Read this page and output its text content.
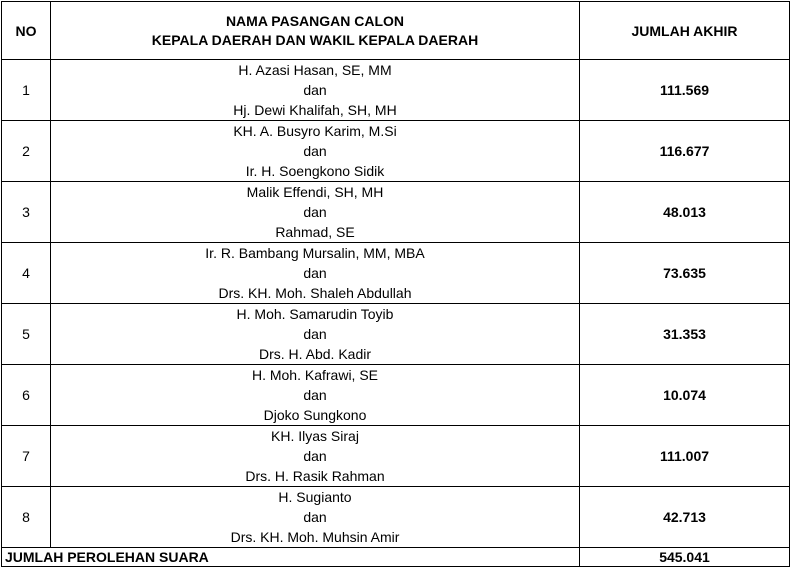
NO	NAMA PASANGAN CALON
KEPALA DAERAH DAN WAKIL KEPALA DAERAH	JUMLAH AKHIR
1	H. Azasi Hasan, SE, MM
dan
Hj. Dewi Khalifah, SH, MH	111.569
2	KH. A. Busyro Karim, M.Si
dan
Ir. H. Soengkono Sidik	116.677
3	Malik Effendi, SH, MH
dan
Rahmad, SE	48.013
4	Ir. R. Bambang Mursalin, MM, MBA
dan
Drs. KH. Moh. Shaleh Abdullah	73.635
5	H. Moh. Samarudin Toyib
dan
Drs. H. Abd. Kadir	31.353
6	H. Moh. Kafrawi, SE
dan
Djoko Sungkono	10.074
7	KH. Ilyas Siraj
dan
Drs. H. Rasik Rahman	111.007
8	H. Sugianto
dan
Drs. KH. Moh. Muhsin Amir	42.713
JUMLAH PEROLEHAN SUARA		545.041
